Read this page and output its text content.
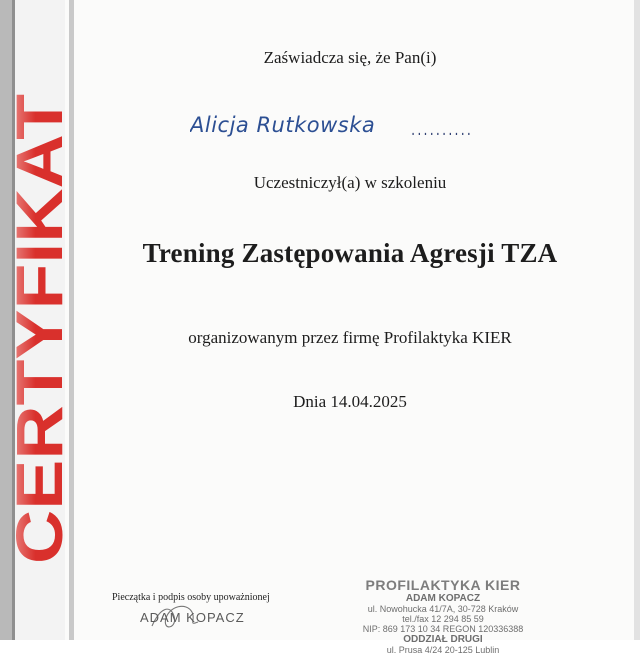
CERTYFIKAT
Zaświadcza się, że Pan(i)
Alicja Rutkowska ..........
Uczestniczył(a) w szkoleniu
Trening Zastępowania Agresji TZA
organizowanym przez firmę Profilaktyka KIER
Dnia 14.04.2025
Pieczątka i podpis osoby upoważnionej
ADAM KOPACZ
PROFILAKTYKA KIER
ADAM KOPACZ
ul. Nowohucka 41/7A, 30-728 Kraków
tel./fax 12 294 85 59
NIP: 869 173 10 34 REGON 120336388
ODDZIAŁ DRUGI
ul. Prusa 4/24 20-125 Lublin
